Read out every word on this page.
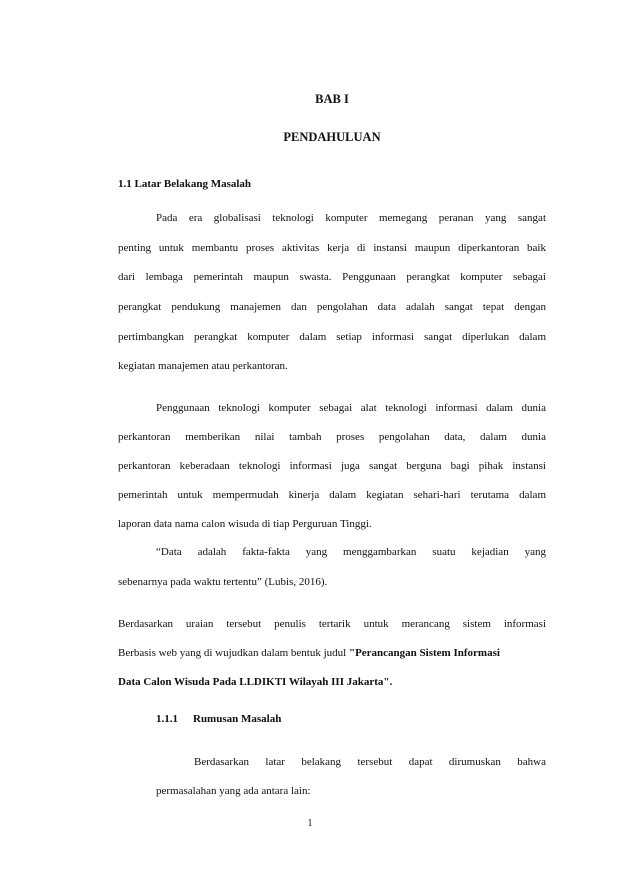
BAB I
PENDAHULUAN
1.1 Latar Belakang Masalah
Pada era globalisasi teknologi komputer memegang peranan yang sangat
penting untuk membantu proses aktivitas kerja di instansi maupun diperkantoran baik
dari lembaga pemerintah maupun swasta. Penggunaan perangkat komputer sebagai
perangkat pendukung manajemen dan pengolahan data adalah sangat tepat dengan
pertimbangkan perangkat komputer dalam setiap informasi sangat diperlukan dalam
kegiatan manajemen atau perkantoran.
Penggunaan teknologi komputer sebagai alat teknologi informasi dalam dunia
perkantoran memberikan nilai tambah proses pengolahan data, dalam dunia
perkantoran keberadaan teknologi informasi juga sangat berguna bagi pihak instansi
pemerintah untuk mempermudah kinerja dalam kegiatan sehari-hari terutama dalam
laporan data nama calon wisuda di tiap Perguruan Tinggi.
“Data adalah fakta-fakta yang menggambarkan suatu kejadian yang
sebenarnya pada waktu tertentu” (Lubis, 2016).
Berdasarkan uraian tersebut penulis tertarik untuk merancang sistem informasi
Berbasis web yang di wujudkan dalam bentuk judul "Perancangan Sistem Informasi
Data Calon Wisuda Pada LLDIKTI Wilayah III Jakarta".
1.1.1 Rumusan Masalah
Berdasarkan latar belakang tersebut dapat dirumuskan bahwa
permasalahan yang ada antara lain:
1
